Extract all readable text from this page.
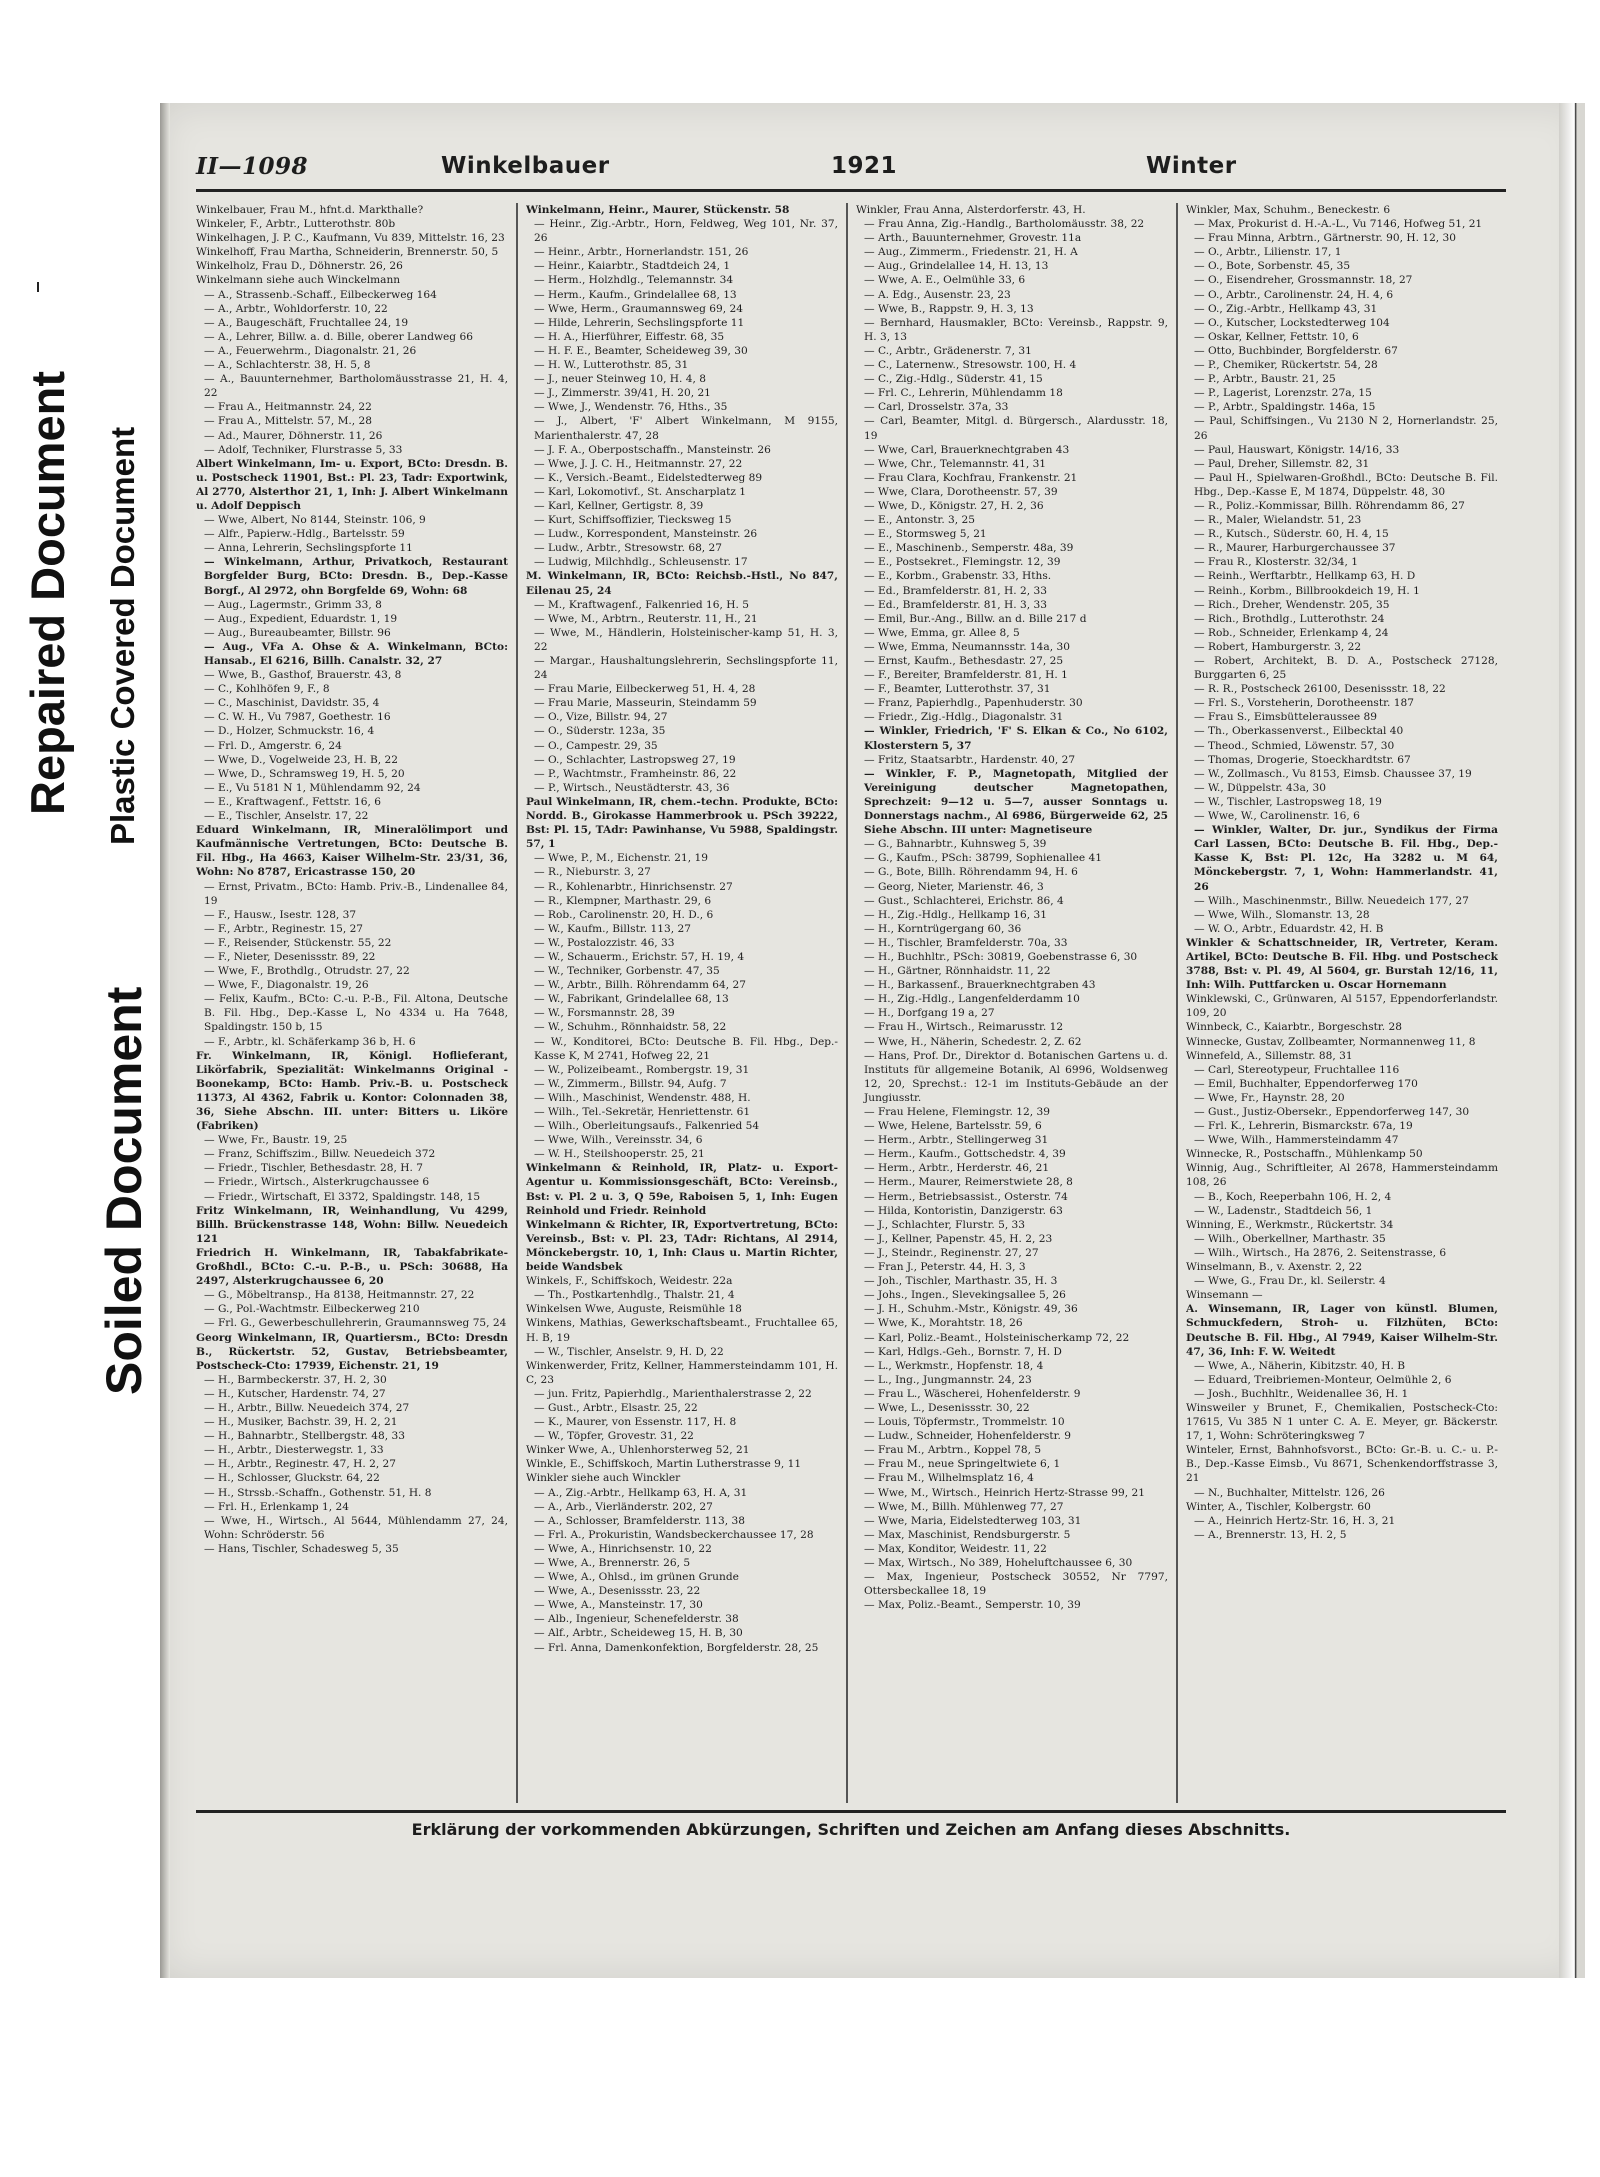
Repaired Document Plastic Covered Document
Soiled Document
II—1098	Winkelbauer	1921	Winter

Winkelbauer, Frau M., hfnt.d. Markthalle?

Winkeler, F., Arbtr., Lutterothstr. 80b

Winkelhagen, J. P. C., Kaufmann, Vu 839, Mittelstr. 16, 23

Winkelhoff, Frau Martha, Schneiderin, Brennerstr. 50, 5

Winkelholz, Frau D., Döhnerstr. 26, 26

Winkelmann siehe auch Winckelmann

— A., Strassenb.-Schaff., Eilbeckerweg 164

— A., Arbtr., Wohldorferstr. 10, 22

— A., Baugeschäft, Fruchtallee 24, 19

— A., Lehrer, Billw. a. d. Bille, oberer Landweg 66

— A., Feuerwehrm., Diagonalstr. 21, 26

— A., Schlachterstr. 38, H. 5, 8

— A., Bauunternehmer, Bartholomäusstrasse 21, H. 4, 22

— Frau A., Heitmannstr. 24, 22

— Frau A., Mittelstr. 57, M., 28

— Ad., Maurer, Döhnerstr. 11, 26

— Adolf, Techniker, Flurstrasse 5, 33

Albert Winkelmann, Im- u. Export, BCto: Dresdn. B. u. Postscheck 11901, Bst.: Pl. 23, Tadr: Exportwink, Al 2770, Alsterthor 21, 1, Inh: J. Albert Winkelmann u. Adolf Deppisch

— Wwe, Albert, No 8144, Steinstr. 106, 9

— Alfr., Papierw.-Hdlg., Bartelsstr. 59

— Anna, Lehrerin, Sechslingspforte 11

— Winkelmann, Arthur, Privatkoch, Restaurant Borgfelder Burg, BCto: Dresdn. B., Dep.-Kasse Borgf., Al 2972, ohn Borgfelde 69, Wohn: 68

— Aug., Lagermstr., Grimm 33, 8

— Aug., Expedient, Eduardstr. 1, 19

— Aug., Bureaubeamter, Billstr. 96

— Aug., VFa A. Ohse & A. Winkelmann, BCto: Hansab., El 6216, Billh. Canalstr. 32, 27

— Wwe, B., Gasthof, Brauerstr. 43, 8

— C., Kohlhöfen 9, F., 8

— C., Maschinist, Davidstr. 35, 4

— C. W. H., Vu 7987, Goethestr. 16

— D., Holzer, Schmuckstr. 16, 4

— Frl. D., Amgerstr. 6, 24

— Wwe, D., Vogelweide 23, H. B, 22

— Wwe, D., Schramsweg 19, H. 5, 20

— E., Vu 5181 N 1, Mühlendamm 92, 24

— E., Kraftwagenf., Fettstr. 16, 6

— E., Tischler, Anselstr. 17, 22

Eduard Winkelmann, IR, Mineralölimport und Kaufmännische Vertretungen, BCto: Deutsche B. Fil. Hbg., Ha 4663, Kaiser Wilhelm-Str. 23/31, 36, Wohn: No 8787, Ericastrasse 150, 20

— Ernst, Privatm., BCto: Hamb. Priv.-B., Lindenallee 84, 19

— F., Hausw., Isestr. 128, 37

— F., Arbtr., Reginestr. 15, 27

— F., Reisender, Stückenstr. 55, 22

— F., Nieter, Desenissstr. 89, 22

— Wwe, F., Brothdlg., Otrudstr. 27, 22

— Wwe, F., Diagonalstr. 19, 26

— Felix, Kaufm., BCto: C.-u. P.-B., Fil. Altona, Deutsche B. Fil. Hbg., Dep.-Kasse L, No 4334 u. Ha 7648, Spaldingstr. 150 b, 15

— F., Arbtr., kl. Schäferkamp 36 b, H. 6

Fr. Winkelmann, IR, Königl. Hoflieferant, Likörfabrik, Spezialität: Winkelmanns Original - Boonekamp, BCto: Hamb. Priv.-B. u. Postscheck 11373, Al 4362, Fabrik u. Kontor: Colonnaden 38, 36, Siehe Abschn. III. unter: Bitters u. Liköre (Fabriken)

— Wwe, Fr., Baustr. 19, 25

— Franz, Schiffszim., Billw. Neuedeich 372

— Friedr., Tischler, Bethesdastr. 28, H. 7

— Friedr., Wirtsch., Alsterkrugchaussee 6

— Friedr., Wirtschaft, El 3372, Spaldingstr. 148, 15

Fritz Winkelmann, IR, Weinhandlung, Vu 4299, Billh. Brückenstrasse 148, Wohn: Billw. Neuedeich 121

Friedrich H. Winkelmann, IR, Tabakfabrikate-Großhdl., BCto: C.-u. P.-B., u. PSch: 30688, Ha 2497, Alsterkrugchaussee 6, 20

— G., Möbeltransp., Ha 8138, Heitmannstr. 27, 22

— G., Pol.-Wachtmstr. Eilbeckerweg 210

— Frl. G., Gewerbeschullehrerin, Graumannsweg 75, 24

Georg Winkelmann, IR, Quartiersm., BCto: Dresdn B., Rückertstr. 52, Gustav, Betriebsbeamter, Postscheck-Cto: 17939, Eichenstr. 21, 19

— H., Barmbeckerstr. 37, H. 2, 30

— H., Kutscher, Hardenstr. 74, 27

— H., Arbtr., Billw. Neuedeich 374, 27

— H., Musiker, Bachstr. 39, H. 2, 21

— H., Bahnarbtr., Stellbergstr. 48, 33

— H., Arbtr., Diesterwegstr. 1, 33

— H., Arbtr., Reginestr. 47, H. 2, 27

— H., Schlosser, Gluckstr. 64, 22

— H., Strssb.-Schaffn., Gothenstr. 51, H. 8

— Frl. H., Erlenkamp 1, 24

— Wwe, H., Wirtsch., Al 5644, Mühlendamm 27, 24, Wohn: Schröderstr. 56

— Hans, Tischler, Schadesweg 5, 35

Winkelmann, Heinr., Maurer, Stückenstr. 58

— Heinr., Zig.-Arbtr., Horn, Feldweg, Weg 101, Nr. 37, 26

— Heinr., Arbtr., Hornerlandstr. 151, 26

— Heinr., Kaiarbtr., Stadtdeich 24, 1

— Herm., Holzhdlg., Telemannstr. 34

— Herm., Kaufm., Grindelallee 68, 13

— Wwe, Herm., Graumannsweg 69, 24

— Hilde, Lehrerin, Sechslingspforte 11

— H. A., Hierführer, Eiffestr. 68, 35

— H. F. E., Beamter, Scheideweg 39, 30

— H. W., Lutterothstr. 85, 31

— J., neuer Steinweg 10, H. 4, 8

— J., Zimmerstr. 39/41, H. 20, 21

— Wwe, J., Wendenstr. 76, Hths., 35

— J., Albert, 'F' Albert Winkelmann, M 9155, Marienthalerstr. 47, 28

— J. F. A., Oberpostschaffn., Mansteinstr. 26

— Wwe, J. J. C. H., Heitmannstr. 27, 22

— K., Versich.-Beamt., Eidelstedterweg 89

— Karl, Lokomotivf., St. Anscharplatz 1

— Karl, Kellner, Gertigstr. 8, 39

— Kurt, Schiffsoffizier, Tiecksweg 15

— Ludw., Korrespondent, Mansteinstr. 26

— Ludw., Arbtr., Stresowstr. 68, 27

— Ludwig, Milchhdlg., Schleusenstr. 17

M. Winkelmann, IR, BCto: Reichsb.-Hstl., No 847, Eilenau 25, 24

— M., Kraftwagenf., Falkenried 16, H. 5

— Wwe, M., Arbtrn., Reuterstr. 11, H., 21

— Wwe, M., Händlerin, Holsteinischer-kamp 51, H. 3, 22

— Margar., Haushaltungslehrerin, Sechslingspforte 11, 24

— Frau Marie, Eilbeckerweg 51, H. 4, 28

— Frau Marie, Masseurin, Steindamm 59

— O., Vize, Billstr. 94, 27

— O., Süderstr. 123a, 35

— O., Campestr. 29, 35

— O., Schlachter, Lastropsweg 27, 19

— P., Wachtmstr., Framheinstr. 86, 22

— P., Wirtsch., Neustädterstr. 43, 36

Paul Winkelmann, IR, chem.-techn. Produkte, BCto: Nordd. B., Girokasse Hammerbrook u. PSch 39222, Bst: Pl. 15, TAdr: Pawinhanse, Vu 5988, Spaldingstr. 57, 1

— Wwe, P., M., Eichenstr. 21, 19

— R., Nieburstr. 3, 27

— R., Kohlenarbtr., Hinrichsenstr. 27

— R., Klempner, Marthastr. 29, 6

— Rob., Carolinenstr. 20, H. D., 6

— W., Kaufm., Billstr. 113, 27

— W., Postalozzistr. 46, 33

— W., Schauerm., Erichstr. 57, H. 19, 4

— W., Techniker, Gorbenstr. 47, 35

— W., Arbtr., Billh. Röhrendamm 64, 27

— W., Fabrikant, Grindelallee 68, 13

— W., Forsmannstr. 28, 39

— W., Schuhm., Rönnhaidstr. 58, 22

— W., Konditorei, BCto: Deutsche B. Fil. Hbg., Dep.-Kasse K, M 2741, Hofweg 22, 21

— W., Polizeibeamt., Rombergstr. 19, 31

— W., Zimmerm., Billstr. 94, Aufg. 7

— Wilh., Maschinist, Wendenstr. 488, H.

— Wilh., Tel.-Sekretär, Henriettenstr. 61

— Wilh., Oberleitungsaufs., Falkenried 54

— Wwe, Wilh., Vereinsstr. 34, 6

— W. H., Steilshooperstr. 25, 21

Winkelmann & Reinhold, IR, Platz- u. Export-Agentur u. Kommissionsgeschäft, BCto: Vereinsb., Bst: v. Pl. 2 u. 3, Q 59e, Raboisen 5, 1, Inh: Eugen Reinhold und Friedr. Reinhold

Winkelmann & Richter, IR, Exportvertretung, BCto: Vereinsb., Bst: v. Pl. 23, TAdr: Richtans, Al 2914, Mönckebergstr. 10, 1, Inh: Claus u. Martin Richter, beide Wandsbek

Winkels, F., Schiffskoch, Weidestr. 22a

— Th., Postkartenhdlg., Thalstr. 21, 4

Winkelsen Wwe, Auguste, Reismühle 18

Winkens, Mathias, Gewerkschaftsbeamt., Fruchtallee 65, H. B, 19

— W., Tischler, Anselstr. 9, H. D, 22

Winkenwerder, Fritz, Kellner, Hammersteindamm 101, H. C, 23

— jun. Fritz, Papierhdlg., Marienthalerstrasse 2, 22

— Gust., Arbtr., Elsastr. 25, 22

— K., Maurer, von Essenstr. 117, H. 8

— W., Töpfer, Grovestr. 31, 22

Winker Wwe, A., Uhlenhorsterweg 52, 21

Winkle, E., Schiffskoch, Martin Lutherstrasse 9, 11

Winkler siehe auch Winckler

— A., Zig.-Arbtr., Hellkamp 63, H. A, 31

— A., Arb., Vierländerstr. 202, 27

— A., Schlosser, Bramfelderstr. 113, 38

— Frl. A., Prokuristin, Wandsbeckerchaussee 17, 28

— Wwe, A., Hinrichsenstr. 10, 22

— Wwe, A., Brennerstr. 26, 5

— Wwe, A., Ohlsd., im grünen Grunde

— Wwe, A., Desenissstr. 23, 22

— Wwe, A., Mansteinstr. 17, 30

— Alb., Ingenieur, Schenefelderstr. 38

— Alf., Arbtr., Scheideweg 15, H. B, 30

— Frl. Anna, Damenkonfektion, Borgfelderstr. 28, 25

Winkler, Frau Anna, Alsterdorferstr. 43, H.

— Frau Anna, Zig.-Handlg., Bartholomäusstr. 38, 22

— Arth., Bauunternehmer, Grovestr. 11a

— Aug., Zimmerm., Friedenstr. 21, H. A

— Aug., Grindelallee 14, H. 13, 13

— Wwe, A. E., Oelmühle 33, 6

— A. Edg., Ausenstr. 23, 23

— Wwe, B., Rappstr. 9, H. 3, 13

— Bernhard, Hausmakler, BCto: Vereinsb., Rappstr. 9, H. 3, 13

— C., Arbtr., Grädenerstr. 7, 31

— C., Laternenw., Stresowstr. 100, H. 4

— C., Zig.-Hdlg., Süderstr. 41, 15

— Frl. C., Lehrerin, Mühlendamm 18

— Carl, Drosselstr. 37a, 33

— Carl, Beamter, Mitgl. d. Bürgersch., Alardusstr. 18, 19

— Wwe, Carl, Brauerknechtgraben 43

— Wwe, Chr., Telemannstr. 41, 31

— Frau Clara, Kochfrau, Frankenstr. 21

— Wwe, Clara, Dorotheenstr. 57, 39

— Wwe, D., Königstr. 27, H. 2, 36

— E., Antonstr. 3, 25

— E., Stormsweg 5, 21

— E., Maschinenb., Semperstr. 48a, 39

— E., Postsekret., Flemingstr. 12, 39

— E., Korbm., Grabenstr. 33, Hths.

— Ed., Bramfelderstr. 81, H. 2, 33

— Ed., Bramfelderstr. 81, H. 3, 33

— Emil, Bur.-Ang., Billw. an d. Bille 217 d

— Wwe, Emma, gr. Allee 8, 5

— Wwe, Emma, Neumannsstr. 14a, 30

— Ernst, Kaufm., Bethesdastr. 27, 25

— F., Bereiter, Bramfelderstr. 81, H. 1

— F., Beamter, Lutterothstr. 37, 31

— Franz, Papierhdlg., Papenhuderstr. 30

— Friedr., Zig.-Hdlg., Diagonalstr. 31

— Winkler, Friedrich, 'F' S. Elkan & Co., No 6102, Klosterstern 5, 37

— Fritz, Staatsarbtr., Hardenstr. 40, 27

— Winkler, F. P., Magnetopath, Mitglied der Vereinigung deutscher Magnetopathen, Sprechzeit: 9—12 u. 5—7, ausser Sonntags u. Donnerstags nachm., Al 6986, Bürgerweide 62, 25 Siehe Abschn. III unter: Magnetiseure

— G., Bahnarbtr., Kuhnsweg 5, 39

— G., Kaufm., PSch: 38799, Sophienallee 41

— G., Bote, Billh. Röhrendamm 94, H. 6

— Georg, Nieter, Marienstr. 46, 3

— Gust., Schlachterei, Erichstr. 86, 4

— H., Zig.-Hdlg., Hellkamp 16, 31

— H., Korntrügergang 60, 36

— H., Tischler, Bramfelderstr. 70a, 33

— H., Buchhltr., PSch: 30819, Goebenstrasse 6, 30

— H., Gärtner, Rönnhaidstr. 11, 22

— H., Barkassenf., Brauerknechtgraben 43

— H., Zig.-Hdlg., Langenfelderdamm 10

— H., Dorfgang 19 a, 27

— Frau H., Wirtsch., Reimarusstr. 12

— Wwe, H., Näherin, Schedestr. 2, Z. 62

— Hans, Prof. Dr., Direktor d. Botanischen Gartens u. d. Instituts für allgemeine Botanik, Al 6996, Woldsenweg 12, 20, Sprechst.: 12-1 im Instituts-Gebäude an der Jungiusstr.

— Frau Helene, Flemingstr. 12, 39

— Wwe, Helene, Bartelsstr. 59, 6

— Herm., Arbtr., Stellingerweg 31

— Herm., Kaufm., Gottschedstr. 4, 39

— Herm., Arbtr., Herderstr. 46, 21

— Herm., Maurer, Reimerstwiete 28, 8

— Herm., Betriebsassist., Osterstr. 74

— Hilda, Kontoristin, Danzigerstr. 63

— J., Schlachter, Flurstr. 5, 33

— J., Kellner, Papenstr. 45, H. 2, 23

— J., Steindr., Reginenstr. 27, 27

— Fran J., Peterstr. 44, H. 3, 3

— Joh., Tischler, Marthastr. 35, H. 3

— Johs., Ingen., Slevekingsallee 5, 26

— J. H., Schuhm.-Mstr., Königstr. 49, 36

— Wwe, K., Morahtstr. 18, 26

— Karl, Poliz.-Beamt., Holsteinischerkamp 72, 22

— Karl, Hdlgs.-Geh., Bornstr. 7, H. D

— L., Werkmstr., Hopfenstr. 18, 4

— L., Ing., Jungmannstr. 24, 23

— Frau L., Wäscherei, Hohenfelderstr. 9

— Wwe, L., Desenissstr. 30, 22

— Louis, Töpfermstr., Trommelstr. 10

— Ludw., Schneider, Hohenfelderstr. 9

— Frau M., Arbtrn., Koppel 78, 5

— Frau M., neue Springeltwiete 6, 1

— Frau M., Wilhelmsplatz 16, 4

— Wwe, M., Wirtsch., Heinrich Hertz-Strasse 99, 21

— Wwe, M., Billh. Mühlenweg 77, 27

— Wwe, Maria, Eidelstedterweg 103, 31

— Max, Maschinist, Rendsburgerstr. 5

— Max, Konditor, Weidestr. 11, 22

— Max, Wirtsch., No 389, Hoheluftchaussee 6, 30

— Max, Ingenieur, Postscheck 30552, Nr 7797, Ottersbeckallee 18, 19

— Max, Poliz.-Beamt., Semperstr. 10, 39

Winkler, Max, Schuhm., Beneckestr. 6

— Max, Prokurist d. H.-A.-L., Vu 7146, Hofweg 51, 21

— Frau Minna, Arbtrn., Gärtnerstr. 90, H. 12, 30

— O., Arbtr., Lilienstr. 17, 1

— O., Bote, Sorbenstr. 45, 35

— O., Eisendreher, Grossmannstr. 18, 27

— O., Arbtr., Carolinenstr. 24, H. 4, 6

— O., Zig.-Arbtr., Hellkamp 43, 31

— O., Kutscher, Lockstedterweg 104

— Oskar, Kellner, Fettstr. 10, 6

— Otto, Buchbinder, Borgfelderstr. 67

— P., Chemiker, Rückertstr. 54, 28

— P., Arbtr., Baustr. 21, 25

— P., Lagerist, Lorenzstr. 27a, 15

— P., Arbtr., Spaldingstr. 146a, 15

— Paul, Schiffsingen., Vu 2130 N 2, Hornerlandstr. 25, 26

— Paul, Hauswart, Königstr. 14/16, 33

— Paul, Dreher, Sillemstr. 82, 31

— Paul H., Spielwaren-Großhdl., BCto: Deutsche B. Fil. Hbg., Dep.-Kasse E, M 1874, Düppelstr. 48, 30

— R., Poliz.-Kommissar, Billh. Röhrendamm 86, 27

— R., Maler, Wielandstr. 51, 23

— R., Kutsch., Süderstr. 60, H. 4, 15

— R., Maurer, Harburgerchaussee 37

— Frau R., Klosterstr. 32/34, 1

— Reinh., Werftarbtr., Hellkamp 63, H. D

— Reinh., Korbm., Billbrookdeich 19, H. 1

— Rich., Dreher, Wendenstr. 205, 35

— Rich., Brothdlg., Lutterothstr. 24

— Rob., Schneider, Erlenkamp 4, 24

— Robert, Hamburgerstr. 3, 22

— Robert, Architekt, B. D. A., Postscheck 27128, Burggarten 6, 25

— R. R., Postscheck 26100, Desenissstr. 18, 22

— Frl. S., Vorsteherin, Dorotheenstr. 187

— Frau S., Eimsbütteleraussee 89

— Th., Oberkassenverst., Eilbecktal 40

— Theod., Schmied, Löwenstr. 57, 30

— Thomas, Drogerie, Stoeckhardtstr. 67

— W., Zollmasch., Vu 8153, Eimsb. Chaussee 37, 19

— W., Düppelstr. 43a, 30

— W., Tischler, Lastropsweg 18, 19

— Wwe, W., Carolinenstr. 16, 6

— Winkler, Walter, Dr. jur., Syndikus der Firma Carl Lassen, BCto: Deutsche B. Fil. Hbg., Dep.-Kasse K, Bst: Pl. 12c, Ha 3282 u. M 64, Mönckebergstr. 7, 1, Wohn: Hammerlandstr. 41, 26

— Wilh., Maschinenmstr., Billw. Neuedeich 177, 27

— Wwe, Wilh., Slomanstr. 13, 28

— W. O., Arbtr., Eduardstr. 42, H. B

Winkler & Schattschneider, IR, Vertreter, Keram. Artikel, BCto: Deutsche B. Fil. Hbg. und Postscheck 3788, Bst: v. Pl. 49, Al 5604, gr. Burstah 12/16, 11, Inh: Wilh. Puttfarcken u. Oscar Hornemann

Winklewski, C., Grünwaren, Al 5157, Eppendorferlandstr. 109, 20

Winnbeck, C., Kaiarbtr., Borgeschstr. 28

Winnecke, Gustav, Zollbeamter, Normannenweg 11, 8

Winnefeld, A., Sillemstr. 88, 31

— Carl, Stereotypeur, Fruchtallee 116

— Emil, Buchhalter, Eppendorferweg 170

— Wwe, Fr., Haynstr. 28, 20

— Gust., Justiz-Obersekr., Eppendorferweg 147, 30

— Frl. K., Lehrerin, Bismarckstr. 67a, 19

— Wwe, Wilh., Hammersteindamm 47

Winnecke, R., Postschaffn., Mühlenkamp 50

Winnig, Aug., Schriftleiter, Al 2678, Hammersteindamm 108, 26

— B., Koch, Reeperbahn 106, H. 2, 4

— W., Ladenstr., Stadtdeich 56, 1

Winning, E., Werkmstr., Rückertstr. 34

— Wilh., Oberkellner, Marthastr. 35

— Wilh., Wirtsch., Ha 2876, 2. Seitenstrasse, 6

Winselmann, B., v. Axenstr. 2, 22

— Wwe, G., Frau Dr., kl. Seilerstr. 4

Winsemann —

A. Winsemann, IR, Lager von künstl. Blumen, Schmuckfedern, Stroh- u. Filzhüten, BCto: Deutsche B. Fil. Hbg., Al 7949, Kaiser Wilhelm-Str. 47, 36, Inh: F. W. Weitedt

— Wwe, A., Näherin, Kibitzstr. 40, H. B

— Eduard, Treibriemen-Monteur, Oelmühle 2, 6

— Josh., Buchhltr., Weidenallee 36, H. 1

Winsweiler y Brunet, F., Chemikalien, Postscheck-Cto: 17615, Vu 385 N 1 unter C. A. E. Meyer, gr. Bäckerstr. 17, 1, Wohn: Schröteringksweg 7

Winteler, Ernst, Bahnhofsvorst., BCto: Gr.-B. u. C.- u. P.-B., Dep.-Kasse Eimsb., Vu 8671, Schenkendorffstrasse 3, 21

— N., Buchhalter, Mittelstr. 126, 26

Winter, A., Tischler, Kolbergstr. 60

— A., Heinrich Hertz-Str. 16, H. 3, 21

— A., Brennerstr. 13, H. 2, 5

Erklärung der vorkommenden Abkürzungen, Schriften und Zeichen am Anfang dieses Abschnitts.
